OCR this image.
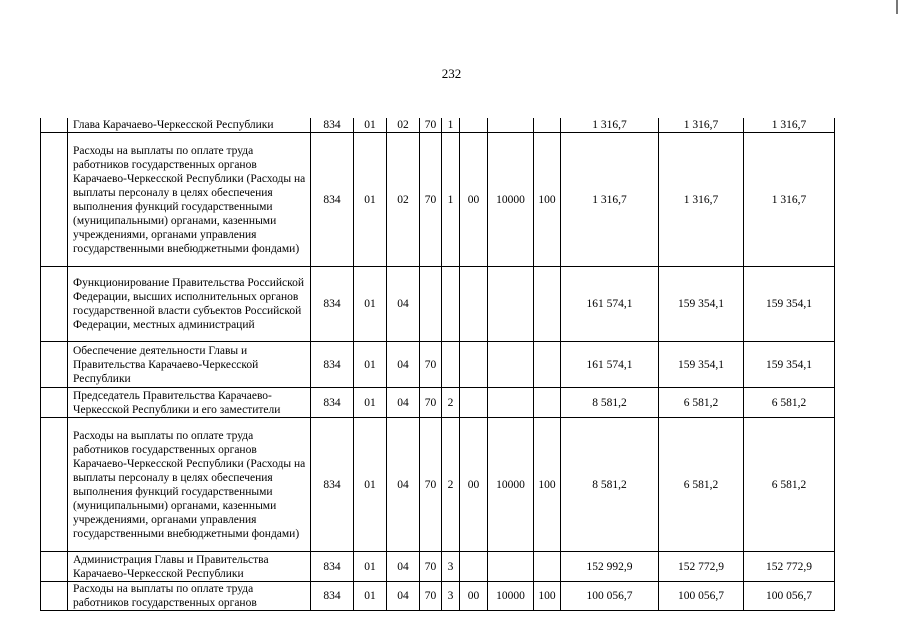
232
	Глава Карачаево-Черкесской Республики	834	01	02	70	1				1 316,7	1 316,7	1 316,7
	Расходы на выплаты по оплате труда работников государственных органов Карачаево-Черкесской Республики (Расходы на выплаты персоналу в целях обеспечения выполнения функций государственными (муниципальными) органами, казенными учреждениями, органами управления государственными внебюджетными фондами)	834	01	02	70	1	00	10000	100	1 316,7	1 316,7	1 316,7
	Функционирование Правительства Российской Федерации, высших исполнительных органов государственной власти субъектов Российской Федерации, местных администраций	834	01	04						161 574,1	159 354,1	159 354,1
	Обеспечение деятельности Главы и Правительства Карачаево-Черкесской Республики	834	01	04	70					161 574,1	159 354,1	159 354,1
	Председатель Правительства Карачаево-Черкесской Республики и его заместители	834	01	04	70	2				8 581,2	6 581,2	6 581,2
	Расходы на выплаты по оплате труда работников государственных органов Карачаево-Черкесской Республики (Расходы на выплаты персоналу в целях обеспечения выполнения функций государственными (муниципальными) органами, казенными учреждениями, органами управления государственными внебюджетными фондами)	834	01	04	70	2	00	10000	100	8 581,2	6 581,2	6 581,2
	Администрация Главы и Правительства Карачаево-Черкесской Республики	834	01	04	70	3				152 992,9	152 772,9	152 772,9
	Расходы на выплаты по оплате труда работников государственных органов	834	01	04	70	3	00	10000	100	100 056,7	100 056,7	100 056,7
